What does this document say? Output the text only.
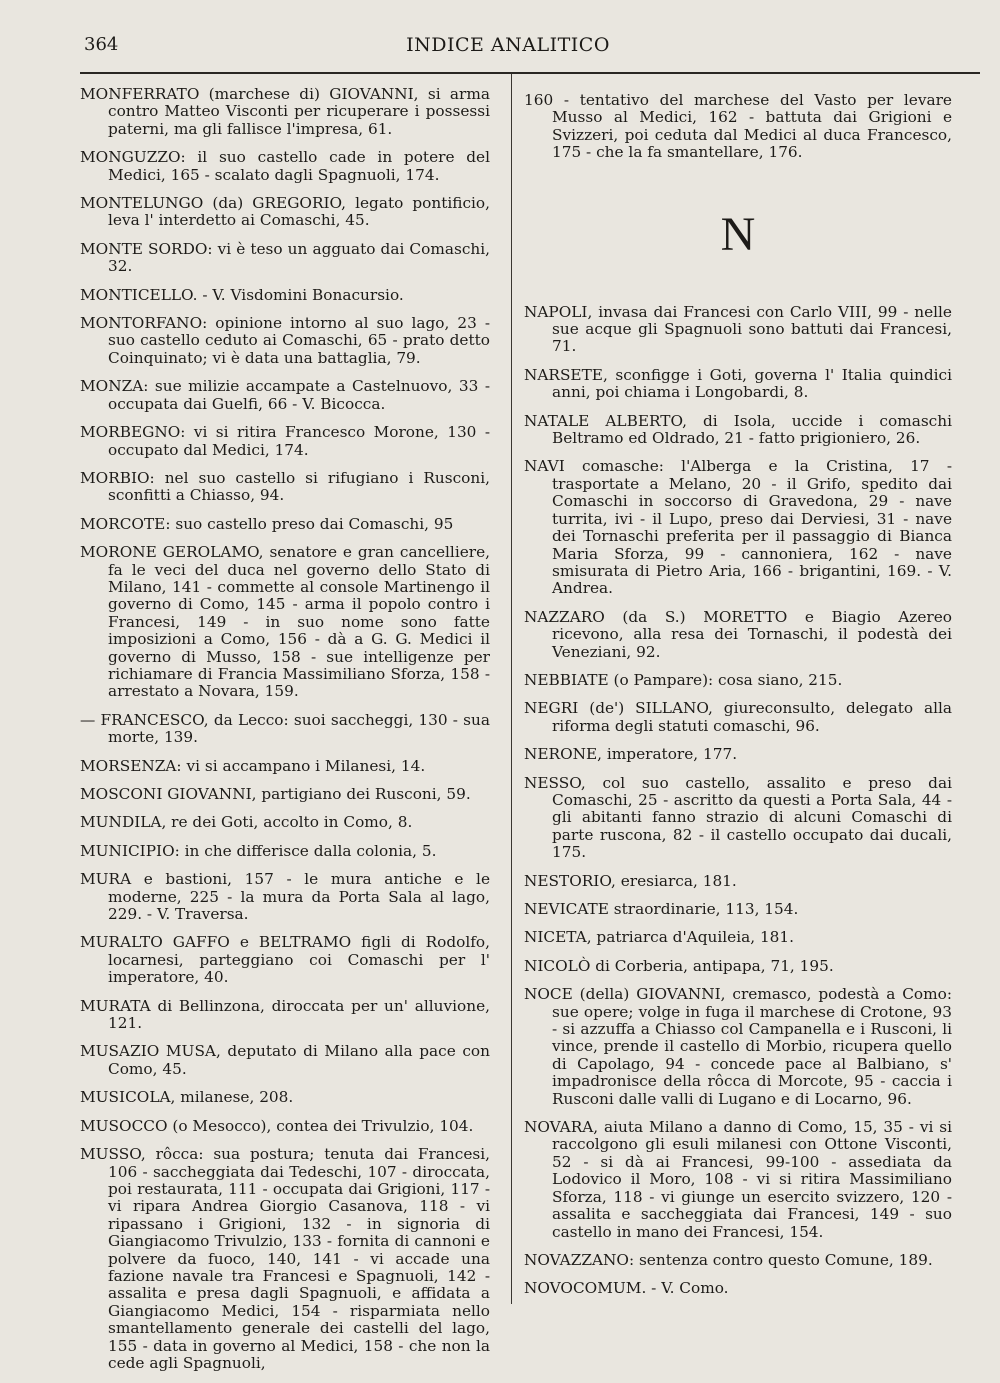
364	INDICE ANALITICO

MONFERRATO (marchese di) GIOVANNI, si arma contro Matteo Visconti per ricuperare i possessi paterni, ma gli fallisce l'impresa, 61.

MONGUZZO: il suo castello cade in potere del Medici, 165 - scalato dagli Spagnuoli, 174.

MONTELUNGO (da) GREGORIO, legato pontificio, leva l' interdetto ai Comaschi, 45.

MONTE SORDO: vi è teso un agguato dai Comaschi, 32.

MONTICELLO. - V. Visdomini Bonacursio.

MONTORFANO: opinione intorno al suo lago, 23 - suo castello ceduto ai Comaschi, 65 - prato detto Coinquinato; vi è data una battaglia, 79.

MONZA: sue milizie accampate a Castelnuovo, 33 - occupata dai Guelfi, 66 - V. Bicocca.

MORBEGNO: vi si ritira Francesco Morone, 130 - occupato dal Medici, 174.

MORBIO: nel suo castello si rifugiano i Rusconi, sconfitti a Chiasso, 94.

MORCOTE: suo castello preso dai Comaschi, 95

MORONE GEROLAMO, senatore e gran cancelliere, fa le veci del duca nel governo dello Stato di Milano, 141 - commette al console Martinengo il governo di Como, 145 - arma il popolo contro i Francesi, 149 - in suo nome sono fatte imposizioni a Como, 156 - dà a G. G. Medici il governo di Musso, 158 - sue intelligenze per richiamare di Francia Massimiliano Sforza, 158 - arrestato a Novara, 159.

— FRANCESCO, da Lecco: suoi saccheggi, 130 - sua morte, 139.

MORSENZA: vi si accampano i Milanesi, 14.

MOSCONI GIOVANNI, partigiano dei Rusconi, 59.

MUNDILA, re dei Goti, accolto in Como, 8.

MUNICIPIO: in che differisce dalla colonia, 5.

MURA e bastioni, 157 - le mura antiche e le moderne, 225 - la mura da Porta Sala al lago, 229. - V. Traversa.

MURALTO GAFFO e BELTRAMO figli di Rodolfo, locarnesi, parteggiano coi Comaschi per l' imperatore, 40.

MURATA di Bellinzona, diroccata per un' alluvione, 121.

MUSAZIO MUSA, deputato di Milano alla pace con Como, 45.

MUSICOLA, milanese, 208.

MUSOCCO (o Mesocco), contea dei Trivulzio, 104.

MUSSO, rôcca: sua postura; tenuta dai Francesi, 106 - saccheggiata dai Tedeschi, 107 - diroccata, poi restaurata, 111 - occupata dai Grigioni, 117 - vi ripara Andrea Giorgio Casanova, 118 - vi ripassano i Grigioni, 132 - in signoria di Giangiacomo Trivulzio, 133 - fornita di cannoni e polvere da fuoco, 140, 141 - vi accade una fazione navale tra Francesi e Spagnuoli, 142 - assalita e presa dagli Spagnuoli, e affidata a Giangiacomo Medici, 154 - risparmiata nello smantellamento generale dei castelli del lago, 155 - data in governo al Medici, 158 - che non la cede agli Spagnuoli,

160 - tentativo del marchese del Vasto per levare Musso al Medici, 162 - battuta dai Grigioni e Svizzeri, poi ceduta dal Medici al duca Francesco, 175 - che la fa smantellare, 176.

N

NAPOLI, invasa dai Francesi con Carlo VIII, 99 - nelle sue acque gli Spagnuoli sono battuti dai Francesi, 71.

NARSETE, sconfigge i Goti, governa l' Italia quindici anni, poi chiama i Longobardi, 8.

NATALE ALBERTO, di Isola, uccide i comaschi Beltramo ed Oldrado, 21 - fatto prigioniero, 26.

NAVI comasche: l'Alberga e la Cristina, 17 - trasportate a Melano, 20 - il Grifo, spedito dai Comaschi in soccorso di Gravedona, 29 - nave turrita, ivi - il Lupo, preso dai Derviesi, 31 - nave dei Tornaschi preferita per il passaggio di Bianca Maria Sforza, 99 - cannoniera, 162 - nave smisurata di Pietro Aria, 166 - brigantini, 169. - V. Andrea.

NAZZARO (da S.) MORETTO e Biagio Azereo ricevono, alla resa dei Tornaschi, il podestà dei Veneziani, 92.

NEBBIATE (o Pampare): cosa siano, 215.

NEGRI (de') SILLANO, giureconsulto, delegato alla riforma degli statuti comaschi, 96.

NERONE, imperatore, 177.

NESSO, col suo castello, assalito e preso dai Comaschi, 25 - ascritto da questi a Porta Sala, 44 - gli abitanti fanno strazio di alcuni Comaschi di parte ruscona, 82 - il castello occupato dai ducali, 175.

NESTORIO, eresiarca, 181.

NEVICATE straordinarie, 113, 154.

NICETA, patriarca d'Aquileia, 181.

NICOLÒ di Corberia, antipapa, 71, 195.

NOCE (della) GIOVANNI, cremasco, podestà a Como: sue opere; volge in fuga il marchese di Crotone, 93 - si azzuffa a Chiasso col Campanella e i Rusconi, li vince, prende il castello di Morbio, ricupera quello di Capolago, 94 - concede pace al Balbiano, s' impadronisce della rôcca di Morcote, 95 - caccia i Rusconi dalle valli di Lugano e di Locarno, 96.

NOVARA, aiuta Milano a danno di Como, 15, 35 - vi si raccolgono gli esuli milanesi con Ottone Visconti, 52 - si dà ai Francesi, 99-100 - assediata da Lodovico il Moro, 108 - vi si ritira Massimiliano Sforza, 118 - vi giunge un esercito svizzero, 120 - assalita e saccheggiata dai Francesi, 149 - suo castello in mano dei Francesi, 154.

NOVAZZANO: sentenza contro questo Comune, 189.

NOVOCOMUM. - V. Como.
